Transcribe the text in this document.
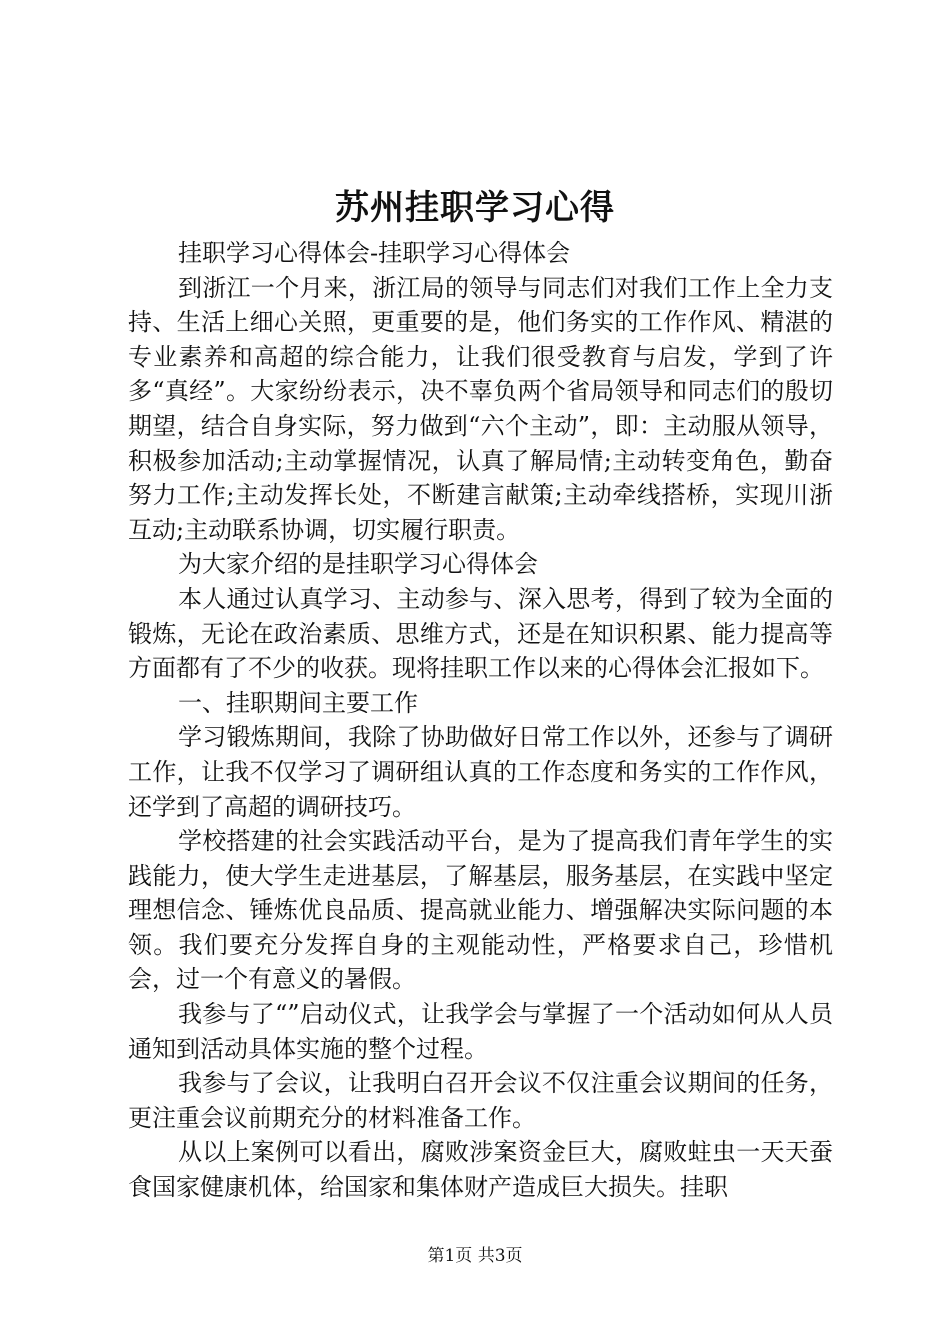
苏州挂职学习心得

挂职学习心得体会-挂职学习心得体会

到浙江一个月来，浙江局的领导与同志们对我们工作上全力支持、生活上细心关照，更重要的是，他们务实的工作作风、精湛的专业素养和高超的综合能力，让我们很受教育与启发，学到了许多“真经”。大家纷纷表示，决不辜负两个省局领导和同志们的殷切期望，结合自身实际，努力做到“六个主动”，即：主动服从领导，积极参加活动;主动掌握情况，认真了解局情;主动转变角色，勤奋努力工作;主动发挥长处，不断建言献策;主动牵线搭桥，实现川浙互动;主动联系协调，切实履行职责。

为大家介绍的是挂职学习心得体会

本人通过认真学习、主动参与、深入思考，得到了较为全面的锻炼，无论在政治素质、思维方式，还是在知识积累、能力提高等方面都有了不少的收获。现将挂职工作以来的心得体会汇报如下。

一、挂职期间主要工作

学习锻炼期间，我除了协助做好日常工作以外，还参与了调研工作，让我不仅学习了调研组认真的工作态度和务实的工作作风，还学到了高超的调研技巧。

学校搭建的社会实践活动平台，是为了提高我们青年学生的实践能力，使大学生走进基层，了解基层，服务基层，在实践中坚定理想信念、锤炼优良品质、提高就业能力、增强解决实际问题的本领。我们要充分发挥自身的主观能动性，严格要求自己，珍惜机会，过一个有意义的暑假。

我参与了“”启动仪式，让我学会与掌握了一个活动如何从人员通知到活动具体实施的整个过程。

我参与了会议，让我明白召开会议不仅注重会议期间的任务，更注重会议前期充分的材料准备工作。

从以上案例可以看出，腐败涉案资金巨大，腐败蛀虫一天天蚕食国家健康机体，给国家和集体财产造成巨大损失。挂职

第1页 共3页
